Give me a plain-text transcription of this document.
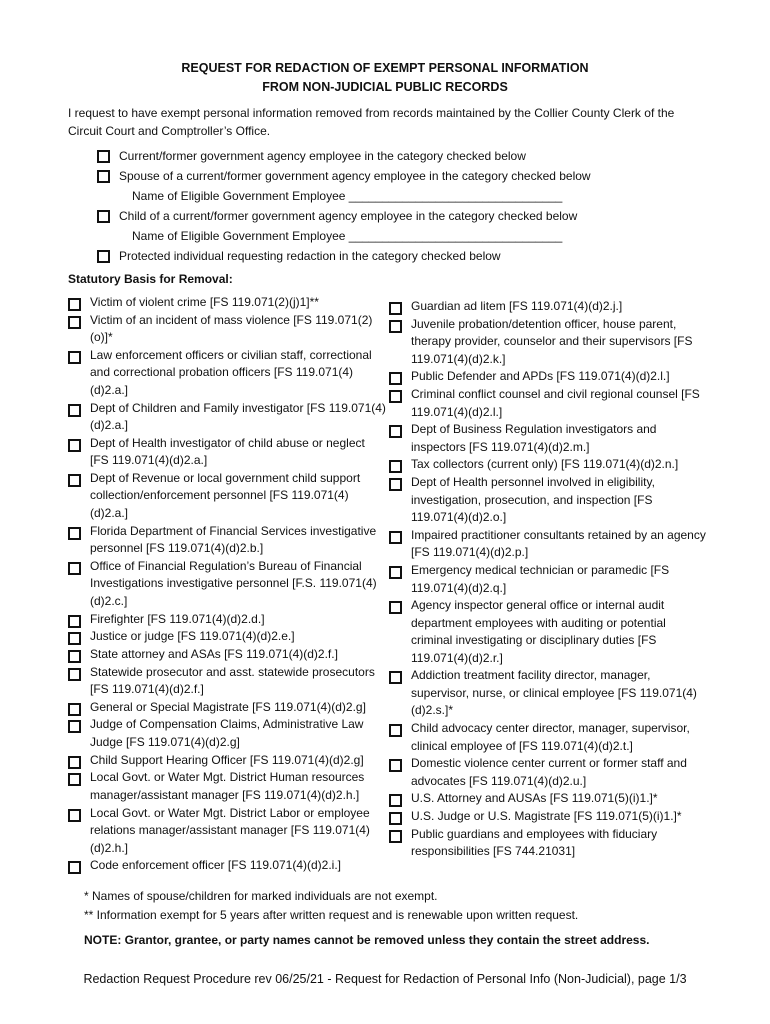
REQUEST FOR REDACTION OF EXEMPT PERSONAL INFORMATION
FROM NON-JUDICIAL PUBLIC RECORDS
I request to have exempt personal information removed from records maintained by the Collier County Clerk of the Circuit Court and Comptroller’s Office.
Current/former government agency employee in the category checked below
Spouse of a current/former government agency employee in the category checked below
Name of Eligible Government Employee ________________________________
Child of a current/former government agency employee in the category checked below
Name of Eligible Government Employee ________________________________
Protected individual requesting redaction in the category checked below
Statutory Basis for Removal:
Victim of violent crime [FS 119.071(2)(j)1]**
Victim of an incident of mass violence [FS 119.071(2)(o)]*
Law enforcement officers or civilian staff, correctional and correctional probation officers [FS 119.071(4)(d)2.a.]
Dept of Children and Family investigator [FS 119.071(4)(d)2.a.]
Dept of Health investigator of child abuse or neglect [FS 119.071(4)(d)2.a.]
Dept of Revenue or local government child support collection/enforcement personnel [FS 119.071(4)(d)2.a.]
Florida Department of Financial Services investigative personnel [FS 119.071(4)(d)2.b.]
Office of Financial Regulation’s Bureau of Financial Investigations investigative personnel [F.S. 119.071(4)(d)2.c.]
Firefighter [FS 119.071(4)(d)2.d.]
Justice or judge [FS 119.071(4)(d)2.e.]
State attorney and ASAs [FS 119.071(4)(d)2.f.]
Statewide prosecutor and asst. statewide prosecutors [FS 119.071(4)(d)2.f.]
General or Special Magistrate [FS 119.071(4)(d)2.g]
Judge of Compensation Claims, Administrative Law Judge [FS 119.071(4)(d)2.g]
Child Support Hearing Officer [FS 119.071(4)(d)2.g]
Local Govt. or Water Mgt. District Human resources manager/assistant manager [FS 119.071(4)(d)2.h.]
Local Govt. or Water Mgt. District Labor or employee relations manager/assistant manager [FS 119.071(4)(d)2.h.]
Code enforcement officer [FS 119.071(4)(d)2.i.]
Guardian ad litem [FS 119.071(4)(d)2.j.]
Juvenile probation/detention officer, house parent, therapy provider, counselor and their supervisors [FS 119.071(4)(d)2.k.]
Public Defender and APDs [FS 119.071(4)(d)2.l.]
Criminal conflict counsel and civil regional counsel [FS 119.071(4)(d)2.l.]
Dept of Business Regulation investigators and inspectors [FS 119.071(4)(d)2.m.]
Tax collectors (current only) [FS 119.071(4)(d)2.n.]
Dept of Health personnel involved in eligibility, investigation, prosecution, and inspection [FS 119.071(4)(d)2.o.]
Impaired practitioner consultants retained by an agency [FS 119.071(4)(d)2.p.]
Emergency medical technician or paramedic [FS 119.071(4)(d)2.q.]
Agency inspector general office or internal audit department employees with auditing or potential criminal investigating or disciplinary duties [FS 119.071(4)(d)2.r.]
Addiction treatment facility director, manager, supervisor, nurse, or clinical employee [FS 119.071(4)(d)2.s.]*
Child advocacy center director, manager, supervisor, clinical employee of [FS 119.071(4)(d)2.t.]
Domestic violence center current or former staff and advocates [FS 119.071(4)(d)2.u.]
U.S. Attorney and AUSAs [FS 119.071(5)(i)1.]*
U.S. Judge or U.S. Magistrate [FS 119.071(5)(i)1.]*
Public guardians and employees with fiduciary responsibilities [FS 744.21031]
* Names of spouse/children for marked individuals are not exempt.
** Information exempt for 5 years after written request and is renewable upon written request.
NOTE: Grantor, grantee, or party names cannot be removed unless they contain the street address.
Redaction Request Procedure rev 06/25/21 - Request for Redaction of Personal Info (Non-Judicial), page 1/3
